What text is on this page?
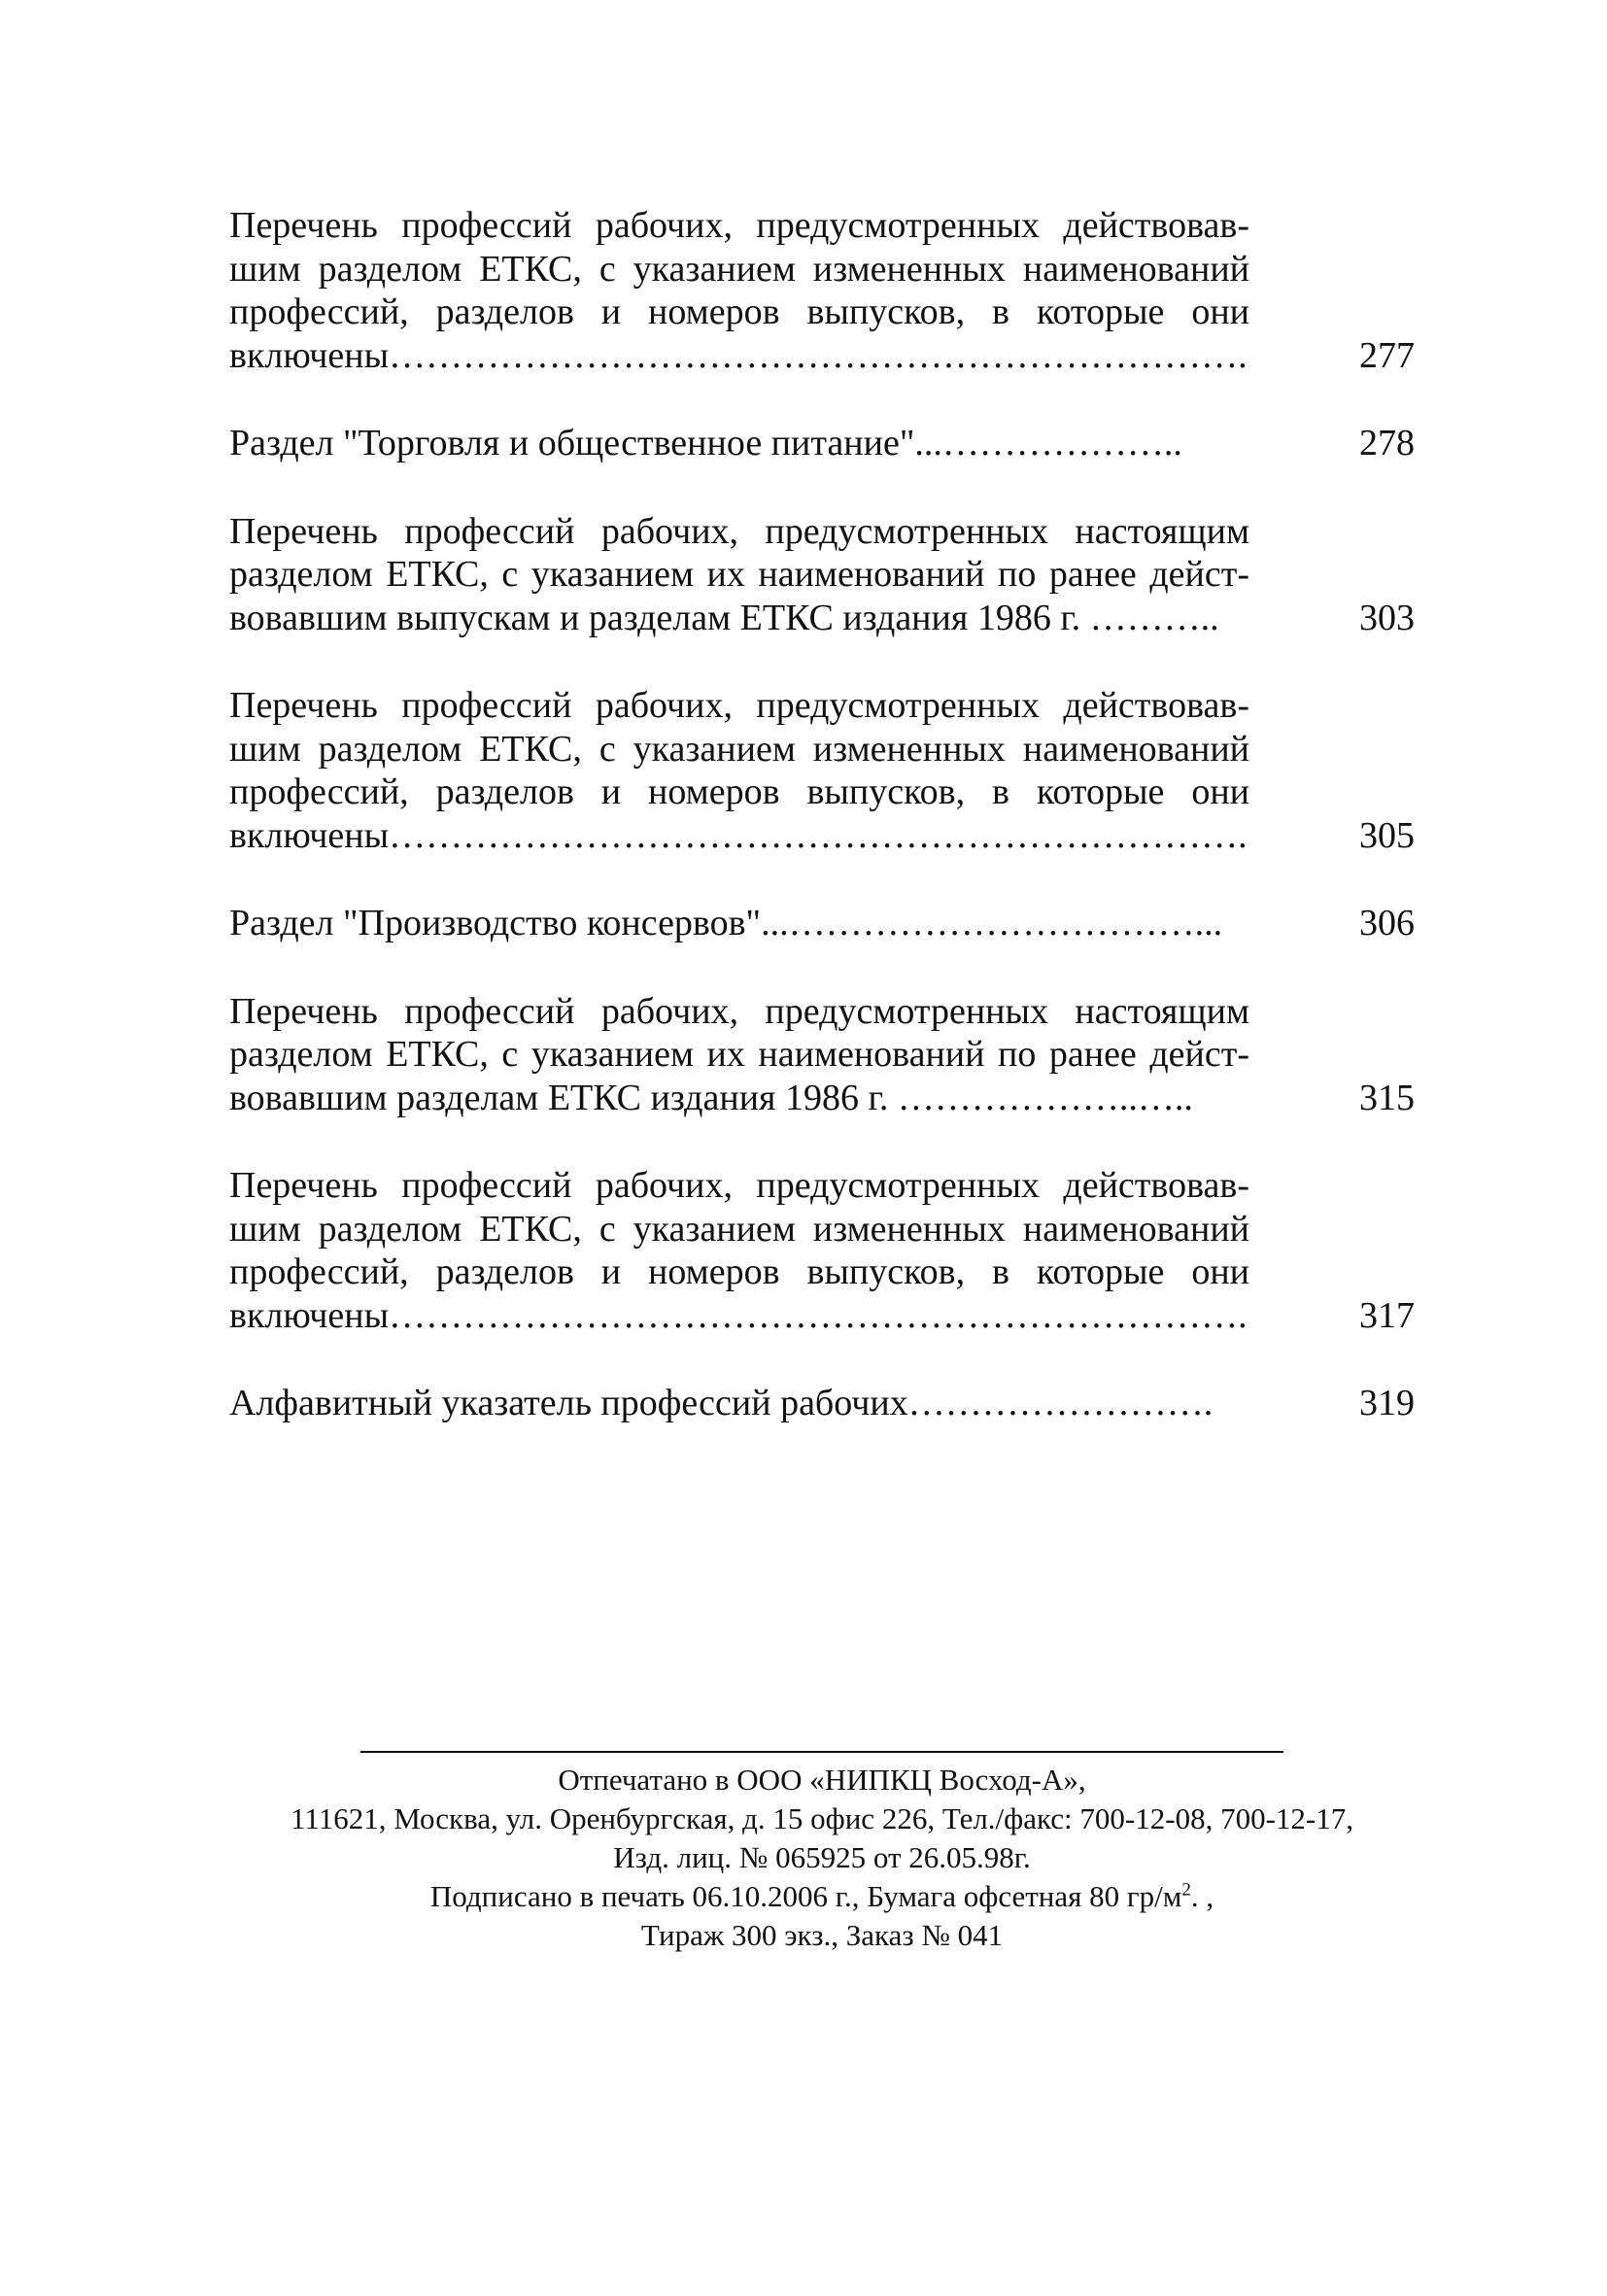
Перечень профессий рабочих, предусмотренных действовавшим разделом ЕТКС, с указанием измененных наименований профессий, разделов и номеров выпусков, в которые они включены…………………………………………………………….	277
Раздел "Торговля и общественное питание"...………………..	278
Перечень профессий рабочих, предусмотренных настоящим разделом ЕТКС, с указанием их наименований по ранее действовавшим выпускам и разделам ЕТКС издания 1986 г. ………..	303
Перечень профессий рабочих, предусмотренных действовавшим разделом ЕТКС, с указанием измененных наименований профессий, разделов и номеров выпусков, в которые они включены…………………………………………………………….	305
Раздел "Производство консервов"...……………………………...	306
Перечень профессий рабочих, предусмотренных настоящим разделом ЕТКС, с указанием их наименований по ранее действовавшим разделам ЕТКС издания 1986 г. ………………..…..	315
Перечень профессий рабочих, предусмотренных действовавшим разделом ЕТКС, с указанием измененных наименований профессий, разделов и номеров выпусков, в которые они включены…………………………………………………………….	317
Алфавитный указатель профессий рабочих…………………….	319
Отпечатано в ООО «НИПКЦ Восход-А»,
111621, Москва, ул. Оренбургская, д. 15 офис 226, Тел./факс: 700-12-08, 700-12-17,
Изд. лиц. № 065925 от 26.05.98г.
Подписано в печать 06.10.2006 г., Бумага офсетная 80 $гр/м^2$. ,
Тираж 300 экз., Заказ № 041
